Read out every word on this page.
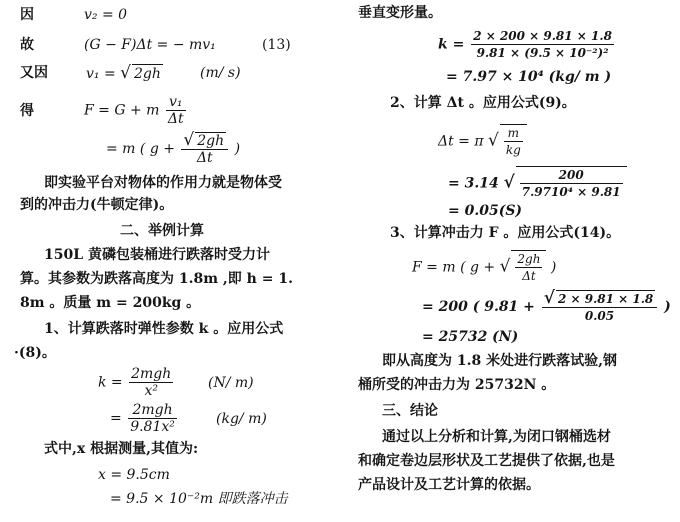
因	v₂ = 0
故	(G − F)Δt = − mv₁	(13)
又因	v₁ = √ 2gh	(m/ s)
得	F = G + m $\frac{\text{v₁}}{\Delta t}$
= m ( $g + \frac{√ 2gh}{\Delta t}$ )
即实验平台对物体的作用力就是物体受
到的冲击力(牛顿定律)。
二、举例计算
150L 黄磷包装桶进行跌落时受力计
算。其参数为跌落高度为 1.8m ,即 h = 1.
8m 。质量 m = 200kg 。
1、计算跌落时弹性参数 k 。应用公式
·(8)。
$k = \frac{\text{2mgh}}{\text{x²}} (N/$ m)
= $\frac{\text{2mgh}}{\text{9.81x²}}$	(kg/ m)
式中,x 根据测量,其值为:
x = 9.5cm
= 9.5 × 10⁻²m 即跌落冲击
垂直变形量。
$k = \frac{2 \times 200 \times 9.81 \times 1.8}{\text{9.81 × (9.5 × 10⁻²)²}}$
= 7.97 × 10⁴ (kg/ m )
2、计算 Δt 。应用公式(9)。
Δt = π √ $\frac{m}{kg}$
= 3.14 √ $\frac{200}{\text{7.9710⁴ × 9.81}}$
= 0.05(S)
3、计算冲击力 F 。应用公式(14)。
F = m ( g + √ $\frac{2gh}{\Delta t}$ )
= 200 ( $9.81 + \frac{√ 2 \times 9.81 \times 1.8}{0.05}$ )
= 25732 (N)
即从高度为 1.8 米处进行跌落试验,钢
桶所受的冲击力为 25732N 。
三、结论
通过以上分析和计算,为闭口钢桶选材
和确定卷边层形状及工艺提供了依据,也是
产品设计及工艺计算的依据。
